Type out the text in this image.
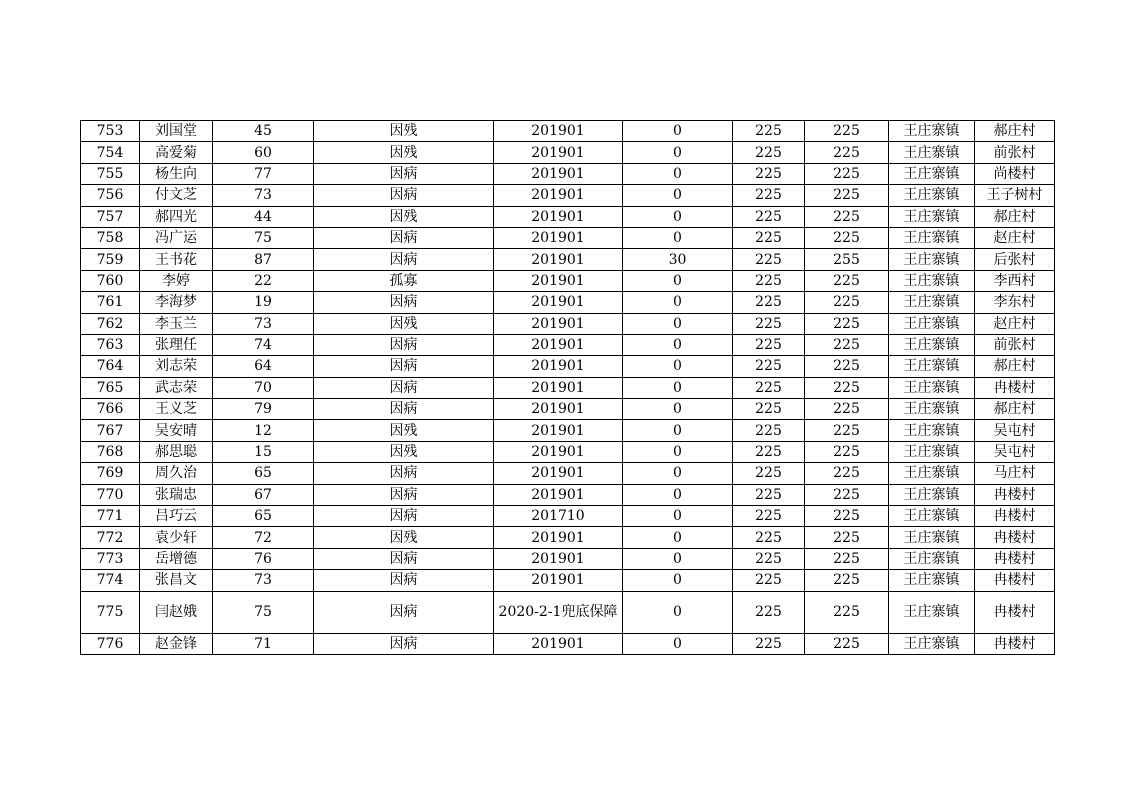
753	刘国堂	45	因残	201901	0	225	225	王庄寨镇	郝庄村
754	高爱菊	60	因残	201901	0	225	225	王庄寨镇	前张村
755	杨生向	77	因病	201901	0	225	225	王庄寨镇	尚楼村
756	付文芝	73	因病	201901	0	225	225	王庄寨镇	王子树村
757	郝四光	44	因残	201901	0	225	225	王庄寨镇	郝庄村
758	冯广运	75	因病	201901	0	225	225	王庄寨镇	赵庄村
759	王书花	87	因病	201901	30	225	255	王庄寨镇	后张村
760	李婷	22	孤寡	201901	0	225	225	王庄寨镇	李西村
761	李海梦	19	因病	201901	0	225	225	王庄寨镇	李东村
762	李玉兰	73	因残	201901	0	225	225	王庄寨镇	赵庄村
763	张理任	74	因病	201901	0	225	225	王庄寨镇	前张村
764	刘志荣	64	因病	201901	0	225	225	王庄寨镇	郝庄村
765	武志荣	70	因病	201901	0	225	225	王庄寨镇	冉楼村
766	王义芝	79	因病	201901	0	225	225	王庄寨镇	郝庄村
767	吴安晴	12	因残	201901	0	225	225	王庄寨镇	吴屯村
768	郝思聪	15	因残	201901	0	225	225	王庄寨镇	吴屯村
769	周久治	65	因病	201901	0	225	225	王庄寨镇	马庄村
770	张瑞忠	67	因病	201901	0	225	225	王庄寨镇	冉楼村
771	吕巧云	65	因病	201710	0	225	225	王庄寨镇	冉楼村
772	袁少轩	72	因残	201901	0	225	225	王庄寨镇	冉楼村
773	岳增德	76	因病	201901	0	225	225	王庄寨镇	冉楼村
774	张昌文	73	因病	201901	0	225	225	王庄寨镇	冉楼村
775	闫赵娥	75	因病	2020-2-1兜底保障	0	225	225	王庄寨镇	冉楼村
776	赵金锋	71	因病	201901	0	225	225	王庄寨镇	冉楼村
